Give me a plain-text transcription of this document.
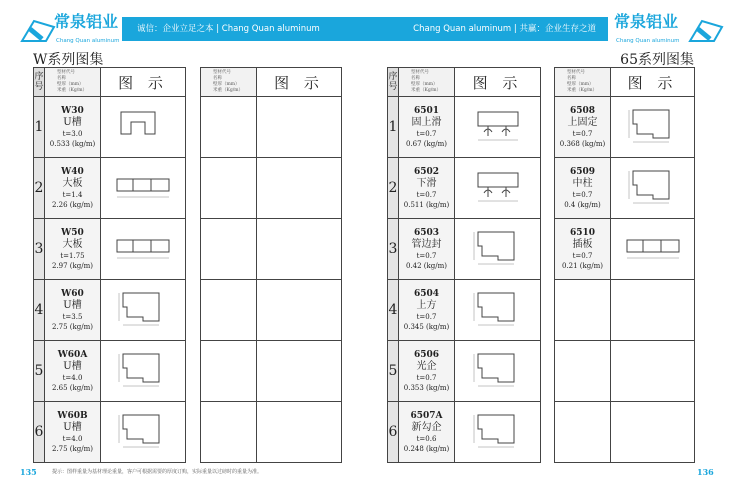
诚信：企业立足之本 | Chang Quan aluminum	Chang Quan aluminum | 共赢：企业生存之道
常泉铝业
Chang Quan aluminum
常泉铝业
Chang Quan aluminum
W系列图集	65系列图集
序号	型材代号
名称
壁厚（mm）
米重（Kg/m）	图 示
1	W30
U槽
t=3.0
0.533 (kg/m)

2	W40
大板
t=1.4
2.26 (kg/m)

3	W50
大板
t=1.75
2.97 (kg/m)

4	W60
U槽
t=3.5
2.75 (kg/m)

5	W60A
U槽
t=4.0
2.65 (kg/m)

6	W60B
U槽
t=4.0
2.75 (kg/m)

型材代号
名称
壁厚（mm）
米重（Kg/m）	图 示

		序号	型材代号
名称
壁厚（mm）
米重（Kg/m）	图 示
1	6501
固上滑
t=0.7
0.67 (kg/m)

2	6502
下滑
t=0.7
0.511 (kg/m)

3	6503
管边封
t=0.7
0.42 (kg/m)

4	6504
上方
t=0.7
0.345 (kg/m)

5	6506
光企
t=0.7
0.353 (kg/m)

6	6507A
新勾企
t=0.6
0.248 (kg/m)

型材代号
名称
壁厚（mm）
米重（Kg/m）	图 示

6508
上固定
t=0.7
0.368 (kg/m)

6509
中柱
t=0.7
0.4 (kg/m)

6510
插板
t=0.7
0.21 (kg/m)

135	提示：图样重量为基材理论重量，客户可根据需要的厚度订购，实际重量以过磅时的重量为准。	136
